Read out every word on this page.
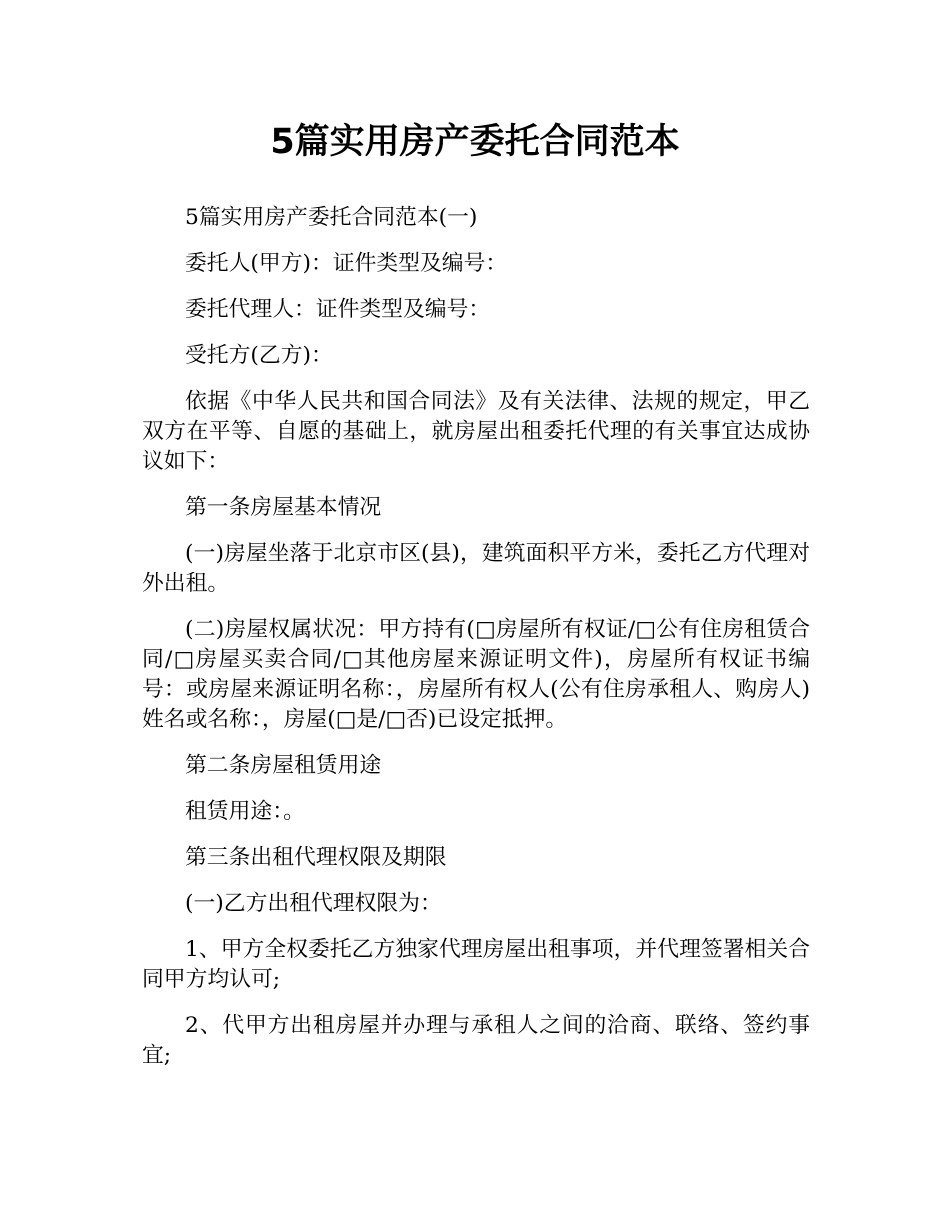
5篇实用房产委托合同范本

5篇实用房产委托合同范本(一)

委托人(甲方)：证件类型及编号：

委托代理人：证件类型及编号：

受托方(乙方)：

依据《中华人民共和国合同法》及有关法律、法规的规定，甲乙双方在平等、自愿的基础上，就房屋出租委托代理的有关事宜达成协议如下：

第一条房屋基本情况

(一)房屋坐落于北京市区(县)，建筑面积平方米，委托乙方代理对外出租。

(二)房屋权属状况：甲方持有(□房屋所有权证/□公有住房租赁合同/□房屋买卖合同/□其他房屋来源证明文件)，房屋所有权证书编号：或房屋来源证明名称：，房屋所有权人(公有住房承租人、购房人)姓名或名称：，房屋(□是/□否)已设定抵押。

第二条房屋租赁用途

租赁用途：。

第三条出租代理权限及期限

(一)乙方出租代理权限为：

1、甲方全权委托乙方独家代理房屋出租事项，并代理签署相关合同甲方均认可;

2、代甲方出租房屋并办理与承租人之间的洽商、联络、签约事宜;
